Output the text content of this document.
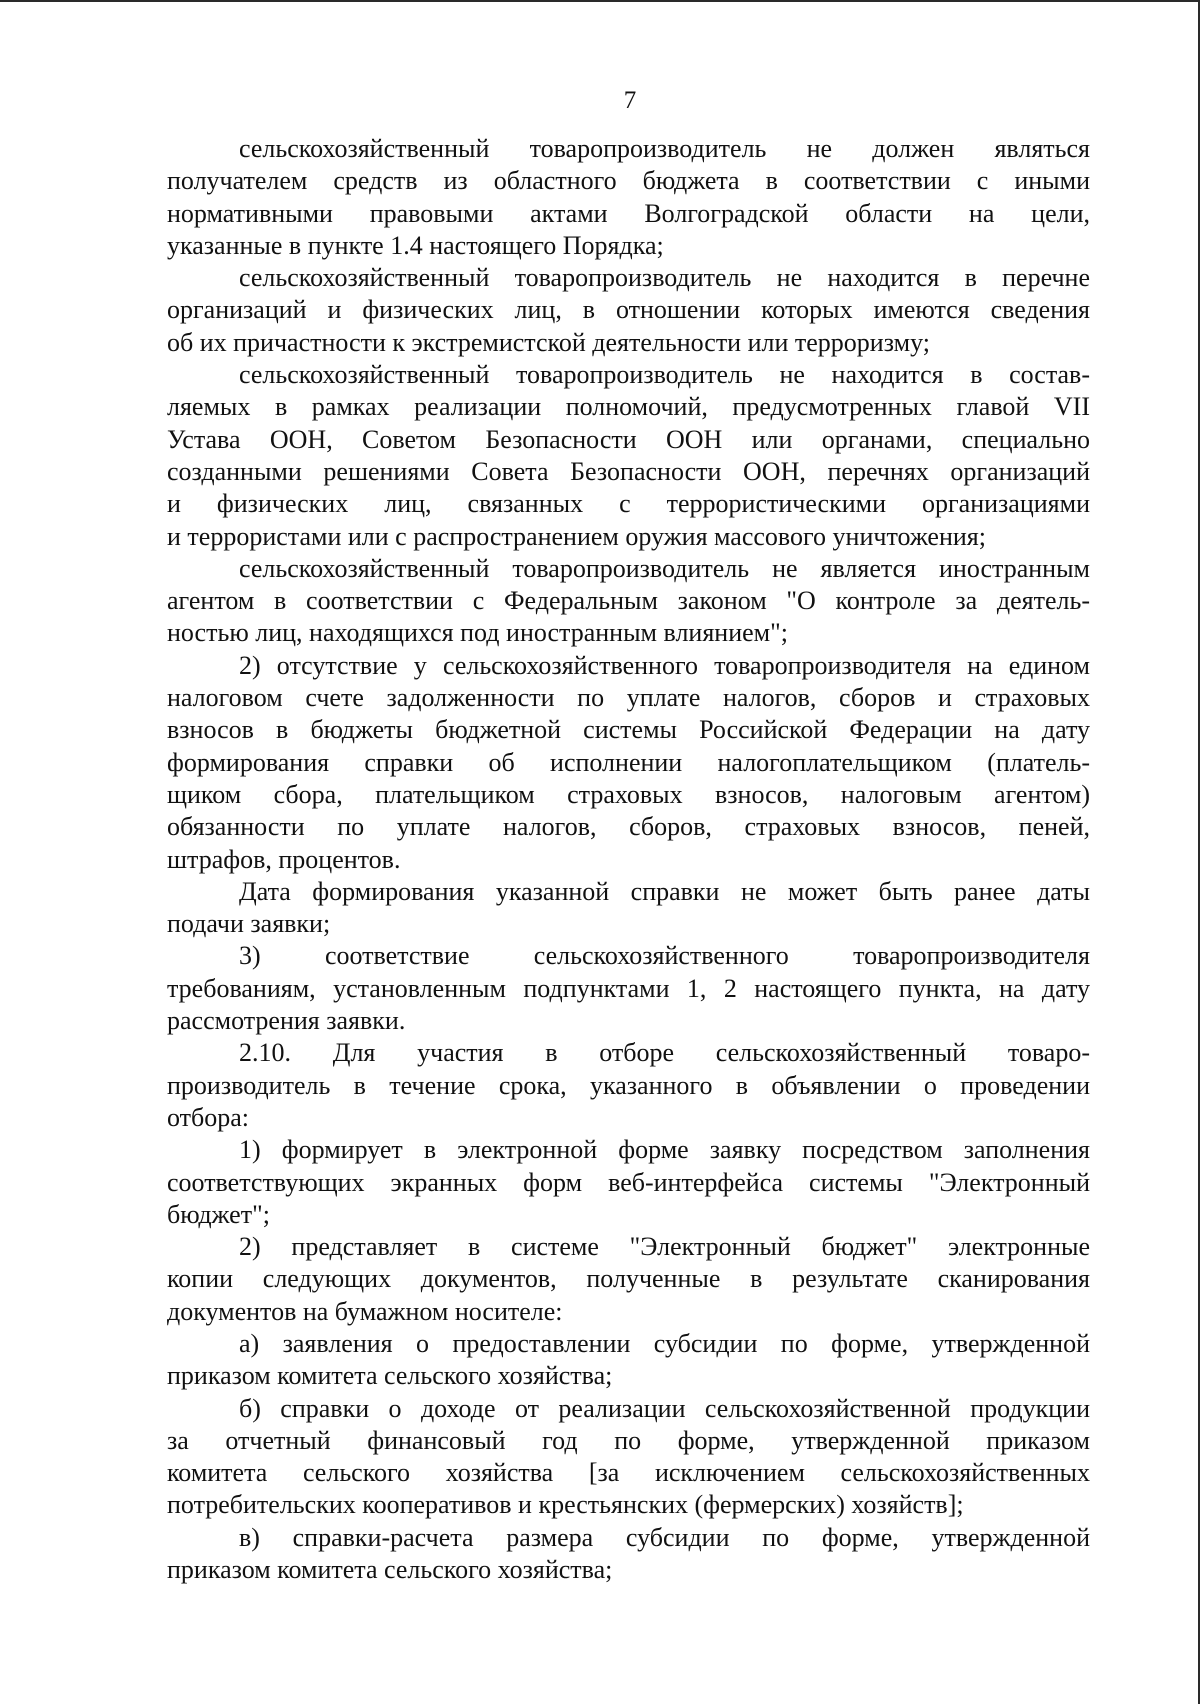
7
сельскохозяйственный товаропроизводитель не должен являться
получателем средств из областного бюджета в соответствии с иными
нормативными правовыми актами Волгоградской области на цели,
указанные в пункте 1.4 настоящего Порядка;
сельскохозяйственный товаропроизводитель не находится в перечне
организаций и физических лиц, в отношении которых имеются сведения
об их причастности к экстремистской деятельности или терроризму;
сельскохозяйственный товаропроизводитель не находится в состав-
ляемых в рамках реализации полномочий, предусмотренных главой VII
Устава ООН, Советом Безопасности ООН или органами, специально
созданными решениями Совета Безопасности ООН, перечнях организаций
и физических лиц, связанных с террористическими организациями
и террористами или с распространением оружия массового уничтожения;
сельскохозяйственный товаропроизводитель не является иностранным
агентом в соответствии с Федеральным законом "О контроле за деятель-
ностью лиц, находящихся под иностранным влиянием";
2) отсутствие у сельскохозяйственного товаропроизводителя на едином
налоговом счете задолженности по уплате налогов, сборов и страховых
взносов в бюджеты бюджетной системы Российской Федерации на дату
формирования справки об исполнении налогоплательщиком (платель-
щиком сбора, плательщиком страховых взносов, налоговым агентом)
обязанности по уплате налогов, сборов, страховых взносов, пеней,
штрафов, процентов.
Дата формирования указанной справки не может быть ранее даты
подачи заявки;
3) соответствие сельскохозяйственного товаропроизводителя
требованиям, установленным подпунктами 1, 2 настоящего пункта, на дату
рассмотрения заявки.
2.10. Для участия в отборе сельскохозяйственный товаро-
производитель в течение срока, указанного в объявлении о проведении
отбора:
1) формирует в электронной форме заявку посредством заполнения
соответствующих экранных форм веб-интерфейса системы "Электронный
бюджет";
2) представляет в системе "Электронный бюджет" электронные
копии следующих документов, полученные в результате сканирования
документов на бумажном носителе:
а) заявления о предоставлении субсидии по форме, утвержденной
приказом комитета сельского хозяйства;
б) справки о доходе от реализации сельскохозяйственной продукции
за отчетный финансовый год по форме, утвержденной приказом
комитета сельского хозяйства [за исключением сельскохозяйственных
потребительских кооперативов и крестьянских (фермерских) хозяйств];
в) справки-расчета размера субсидии по форме, утвержденной
приказом комитета сельского хозяйства;
